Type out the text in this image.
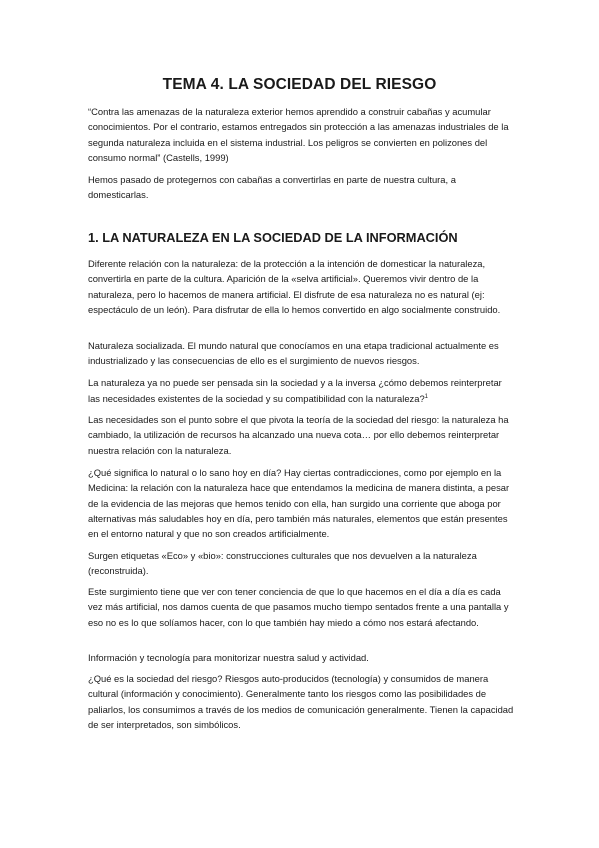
TEMA 4. LA SOCIEDAD DEL RIESGO

“Contra las amenazas de la naturaleza exterior hemos aprendido a construir cabañas y acumular conocimientos. Por el contrario, estamos entregados sin protección a las amenazas industriales de la segunda naturaleza incluida en el sistema industrial. Los peligros se convierten en polizones del consumo normal” (Castells, 1999)

Hemos pasado de protegernos con cabañas a convertirlas en parte de nuestra cultura, a domesticarlas.

1. LA NATURALEZA EN LA SOCIEDAD DE LA INFORMACIÓN

Diferente relación con la naturaleza: de la protección a la intención de domesticar la naturaleza, convertirla en parte de la cultura. Aparición de la «selva artificial». Queremos vivir dentro de la naturaleza, pero lo hacemos de manera artificial. El disfrute de esa naturaleza no es natural (ej: espectáculo de un león). Para disfrutar de ella lo hemos convertido en algo socialmente construido.

Naturaleza socializada. El mundo natural que conocíamos en una etapa tradicional actualmente es industrializado y las consecuencias de ello es el surgimiento de nuevos riesgos.

La naturaleza ya no puede ser pensada sin la sociedad y a la inversa ¿cómo debemos reinterpretar las necesidades existentes de la sociedad y su compatibilidad con la naturaleza?$^1$

Las necesidades son el punto sobre el que pivota la teoría de la sociedad del riesgo: la naturaleza ha cambiado, la utilización de recursos ha alcanzado una nueva cota… por ello debemos reinterpretar nuestra relación con la naturaleza.

¿Qué significa lo natural o lo sano hoy en día? Hay ciertas contradicciones, como por ejemplo en la Medicina: la relación con la naturaleza hace que entendamos la medicina de manera distinta, a pesar de la evidencia de las mejoras que hemos tenido con ella, han surgido una corriente que aboga por alternativas más saludables hoy en día, pero también más naturales, elementos que están presentes en el entorno natural y que no son creados artificialmente.

Surgen etiquetas «Eco» y «bio»: construcciones culturales que nos devuelven a la naturaleza (reconstruida).

Este surgimiento tiene que ver con tener conciencia de que lo que hacemos en el día a día es cada vez más artificial, nos damos cuenta de que pasamos mucho tiempo sentados frente a una pantalla y eso no es lo que solíamos hacer, con lo que también hay miedo a cómo nos estará afectando.

Información y tecnología para monitorizar nuestra salud y actividad.

¿Qué es la sociedad del riesgo? Riesgos auto-producidos (tecnología) y consumidos de manera cultural (información y conocimiento). Generalmente tanto los riesgos como las posibilidades de paliarlos, los consumimos a través de los medios de comunicación generalmente. Tienen la capacidad de ser interpretados, son simbólicos.
